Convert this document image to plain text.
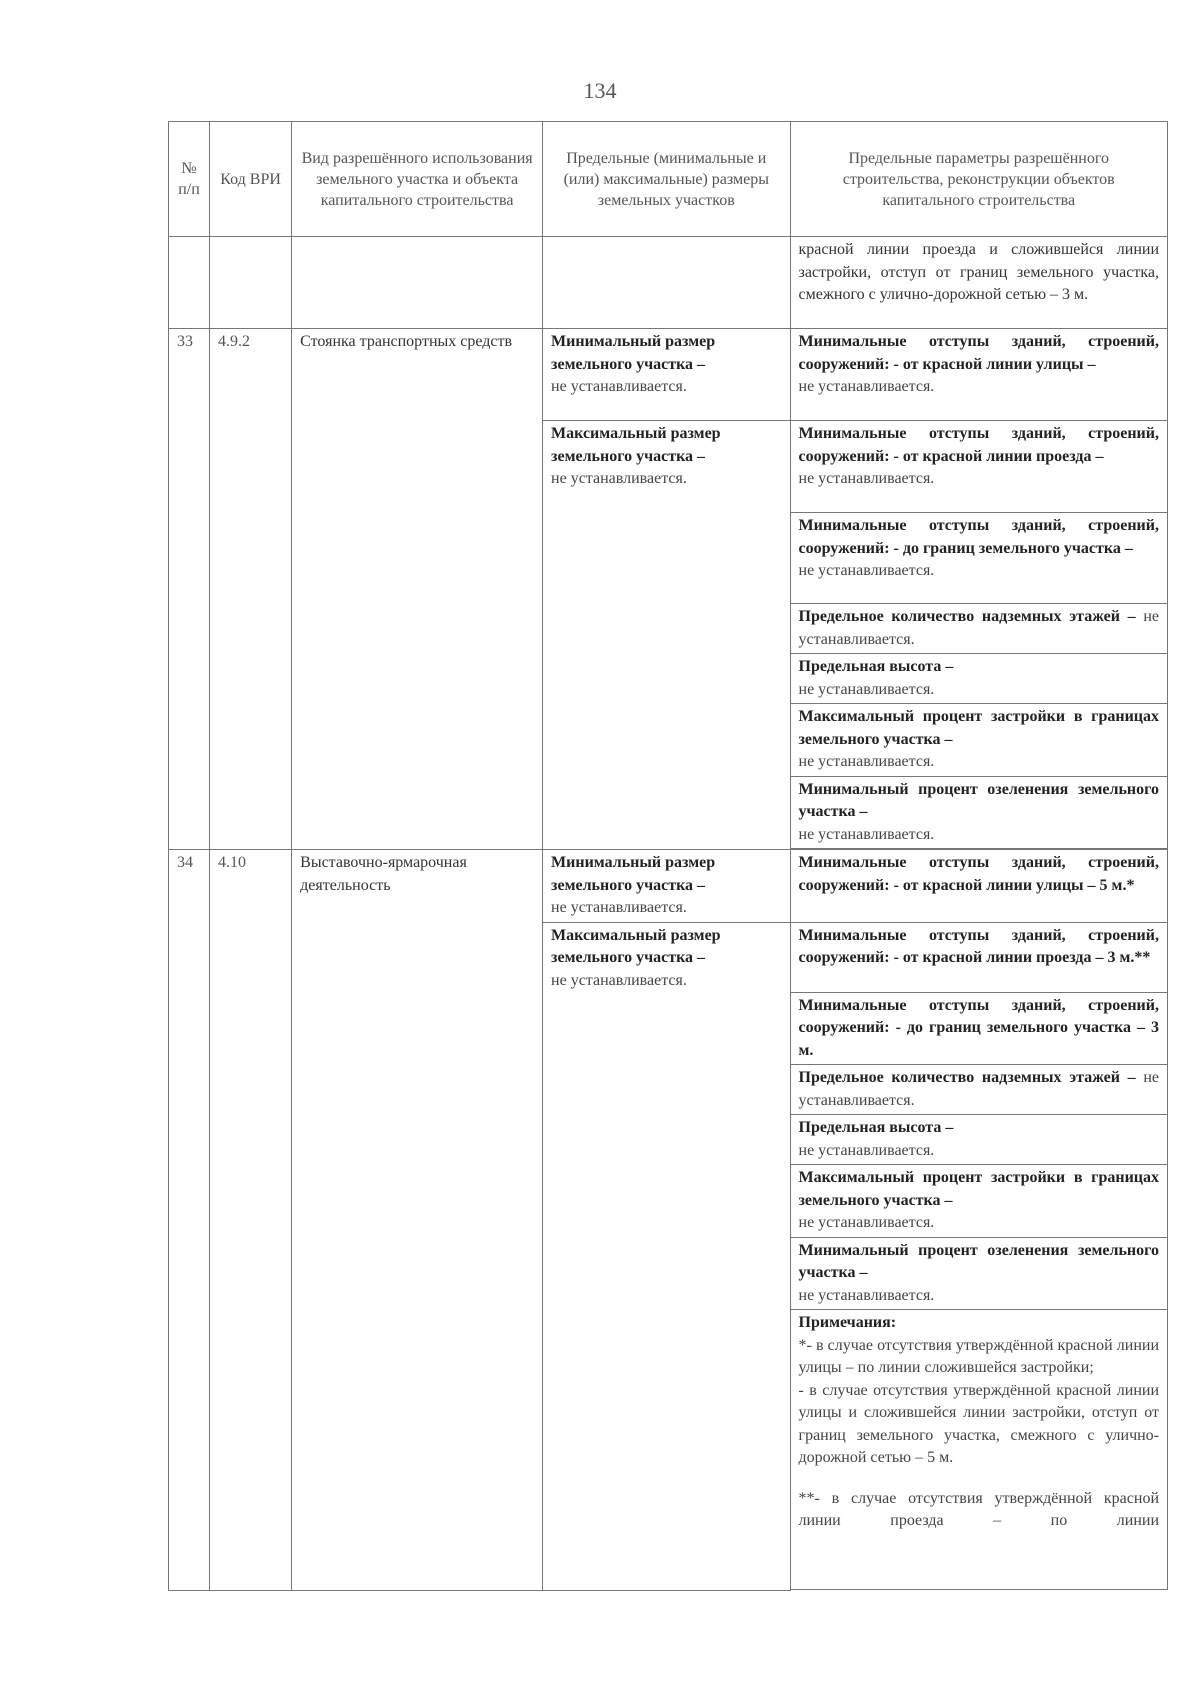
134
№ п/п	Код ВРИ	Вид разрешённого использования земельного участка и объекта капитального строительства	Предельные (минимальные и (или) максимальные) размеры земельных участков	Предельные параметры разрешённого строительства, реконструкции объектов капитального строительства
				красной линии проезда и сложившейся линии застройки, отступ от границ земельного участка, смежного с улично-дорожной сетью – 3 м.
33	4.9.2	Стоянка транспортных средств	Минимальный размер земельного участка –
не устанавливается.	Минимальные отступы зданий, строений, сооружений: - от красной линии улицы –
не устанавливается.
			Максимальный размер земельного участка –
не устанавливается.	Минимальные отступы зданий, строений, сооружений: - от красной линии проезда –
не устанавливается.
				Минимальные отступы зданий, строений, сооружений: - до границ земельного участка –
не устанавливается.
				Предельное количество надземных этажей – не устанавливается.
				Предельная высота –
не устанавливается.
				Максимальный процент застройки в границах земельного участка –
не устанавливается.
				Минимальный процент озеленения земельного участка –
не устанавливается.

34	4.10	Выставочно-ярмарочная деятельность	Минимальный размер земельного участка –
не устанавливается.	Минимальные отступы зданий, строений, сооружений: - от красной линии улицы – 5 м.*
			Максимальный размер земельного участка –
не устанавливается.	Минимальные отступы зданий, строений, сооружений: - от красной линии проезда – 3 м.**
				Минимальные отступы зданий, строений, сооружений: - до границ земельного участка – 3 м.
				Предельное количество надземных этажей – не устанавливается.
				Предельная высота –
не устанавливается.
				Максимальный процент застройки в границах земельного участка –
не устанавливается.
				Минимальный процент озеленения земельного участка –
не устанавливается.

				Примечания:
*- в случае отсутствия утверждённой красной линии улицы – по линии сложившейся застройки;
- в случае отсутствия утверждённой красной линии улицы и сложившейся линии застройки, отступ от границ земельного участка, смежного с улично-дорожной сетью – 5 м.
**- в случае отсутствия утверждённой красной линии проезда – по линии
